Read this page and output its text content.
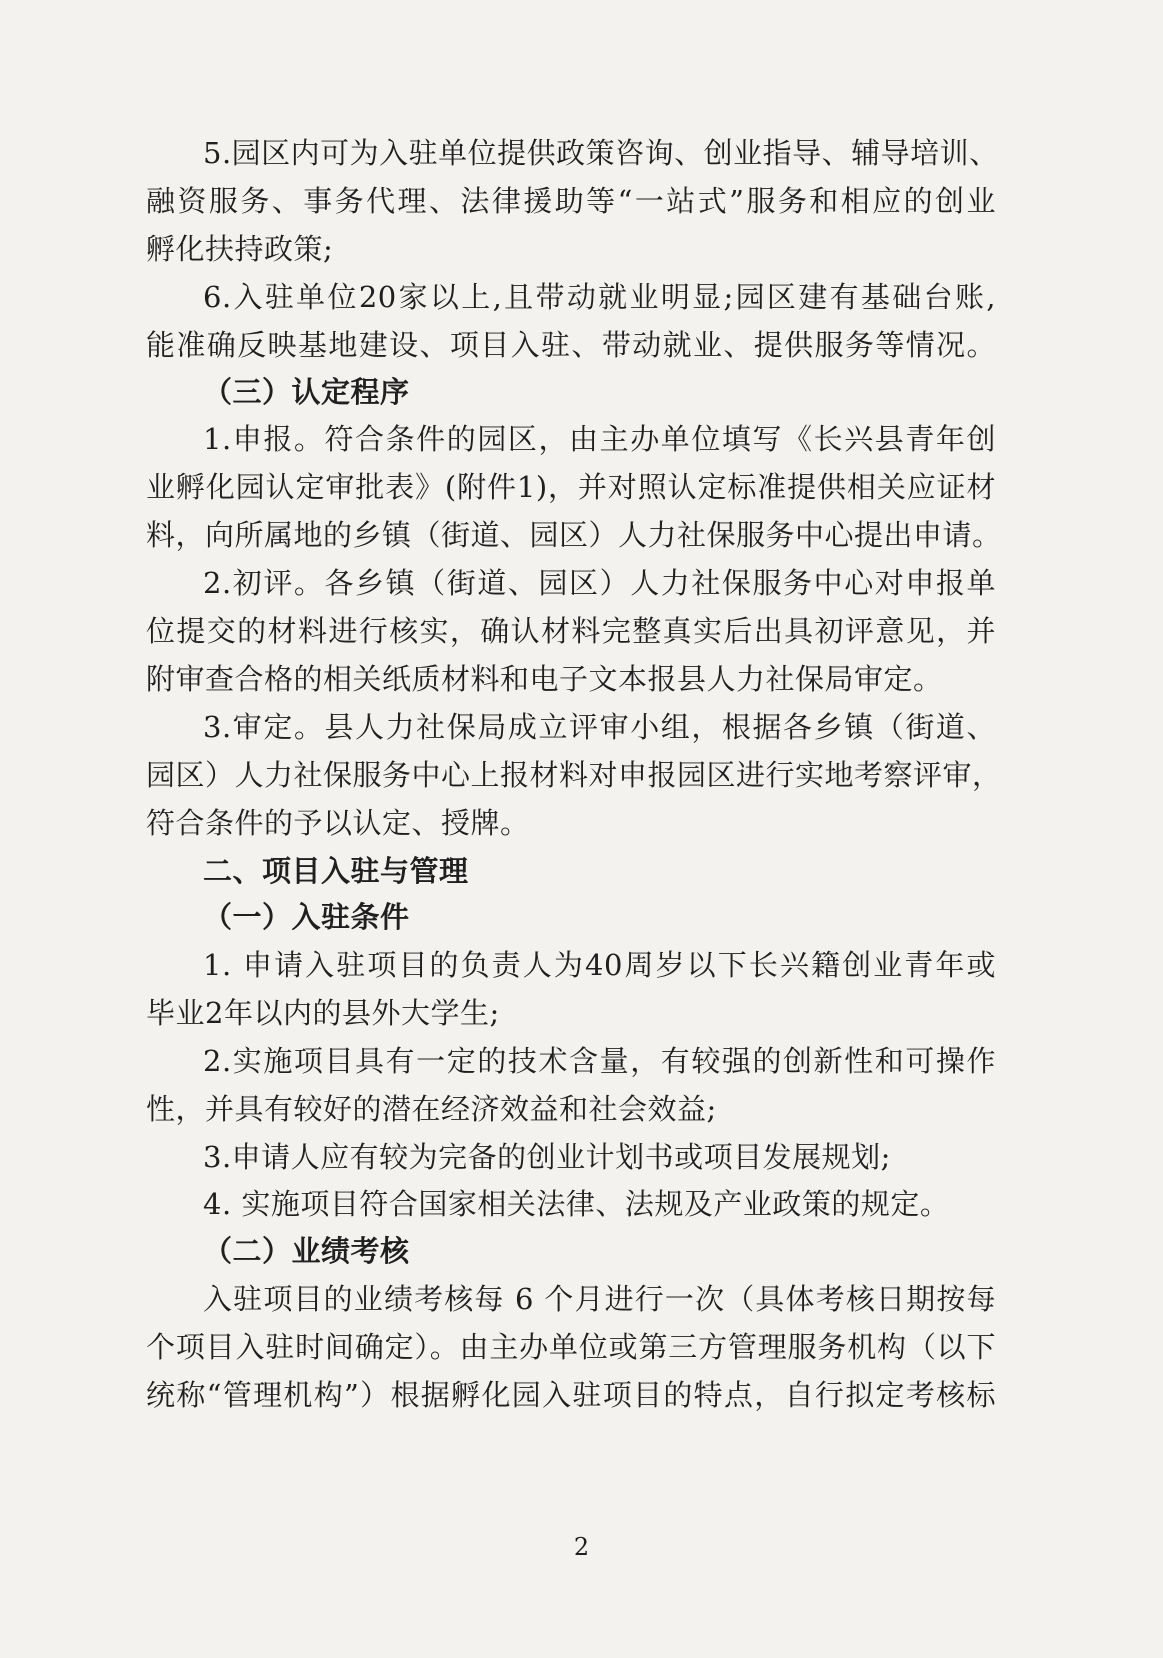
5.园区内可为入驻单位提供政策咨询、创业指导、辅导培训、
融资服务、事务代理、法律援助等“一站式”服务和相应的创业
孵化扶持政策;
6.入驻单位20家以上,且带动就业明显;园区建有基础台账,
能准确反映基地建设、项目入驻、带动就业、提供服务等情况。
（三）认定程序
1.申报。符合条件的园区，由主办单位填写《长兴县青年创
业孵化园认定审批表》(附件1)，并对照认定标准提供相关应证材
料，向所属地的乡镇（街道、园区）人力社保服务中心提出申请。
2.初评。各乡镇（街道、园区）人力社保服务中心对申报单
位提交的材料进行核实，确认材料完整真实后出具初评意见，并
附审查合格的相关纸质材料和电子文本报县人力社保局审定。
3.审定。县人力社保局成立评审小组，根据各乡镇（街道、
园区）人力社保服务中心上报材料对申报园区进行实地考察评审，
符合条件的予以认定、授牌。
二、项目入驻与管理
（一）入驻条件
1. 申请入驻项目的负责人为40周岁以下长兴籍创业青年或
毕业2年以内的县外大学生;
2.实施项目具有一定的技术含量，有较强的创新性和可操作
性，并具有较好的潜在经济效益和社会效益;
3.申请人应有较为完备的创业计划书或项目发展规划;
4. 实施项目符合国家相关法律、法规及产业政策的规定。
（二）业绩考核
入驻项目的业绩考核每 6 个月进行一次（具体考核日期按每
个项目入驻时间确定）。由主办单位或第三方管理服务机构（以下
统称“管理机构”）根据孵化园入驻项目的特点，自行拟定考核标
2
